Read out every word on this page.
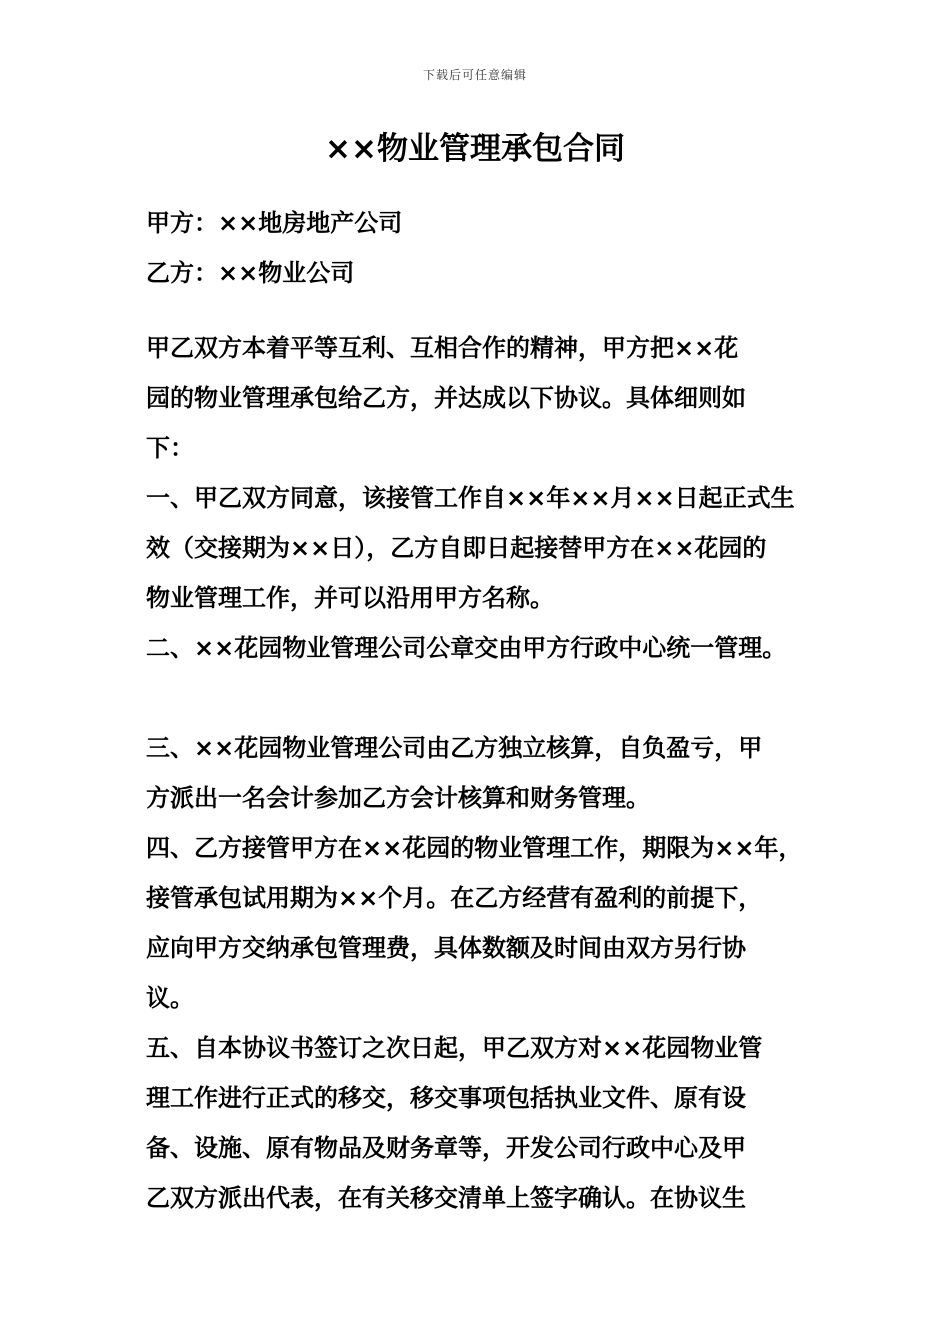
下载后可任意编辑
××物业管理承包合同
甲方：××地房地产公司
乙方：××物业公司
甲乙双方本着平等互利、互相合作的精神，甲方把××花
园的物业管理承包给乙方，并达成以下协议。具体细则如
下：
一、甲乙双方同意，该接管工作自××年××月××日起正式生
效（交接期为××日），乙方自即日起接替甲方在××花园的
物业管理工作，并可以沿用甲方名称。
二、××花园物业管理公司公章交由甲方行政中心统一管理。
三、××花园物业管理公司由乙方独立核算，自负盈亏，甲
方派出一名会计参加乙方会计核算和财务管理。
四、乙方接管甲方在××花园的物业管理工作，期限为××年，
接管承包试用期为××个月。在乙方经营有盈利的前提下，
应向甲方交纳承包管理费，具体数额及时间由双方另行协
议。
五、自本协议书签订之次日起，甲乙双方对××花园物业管
理工作进行正式的移交，移交事项包括执业文件、原有设
备、设施、原有物品及财务章等，开发公司行政中心及甲
乙双方派出代表，在有关移交清单上签字确认。在协议生
